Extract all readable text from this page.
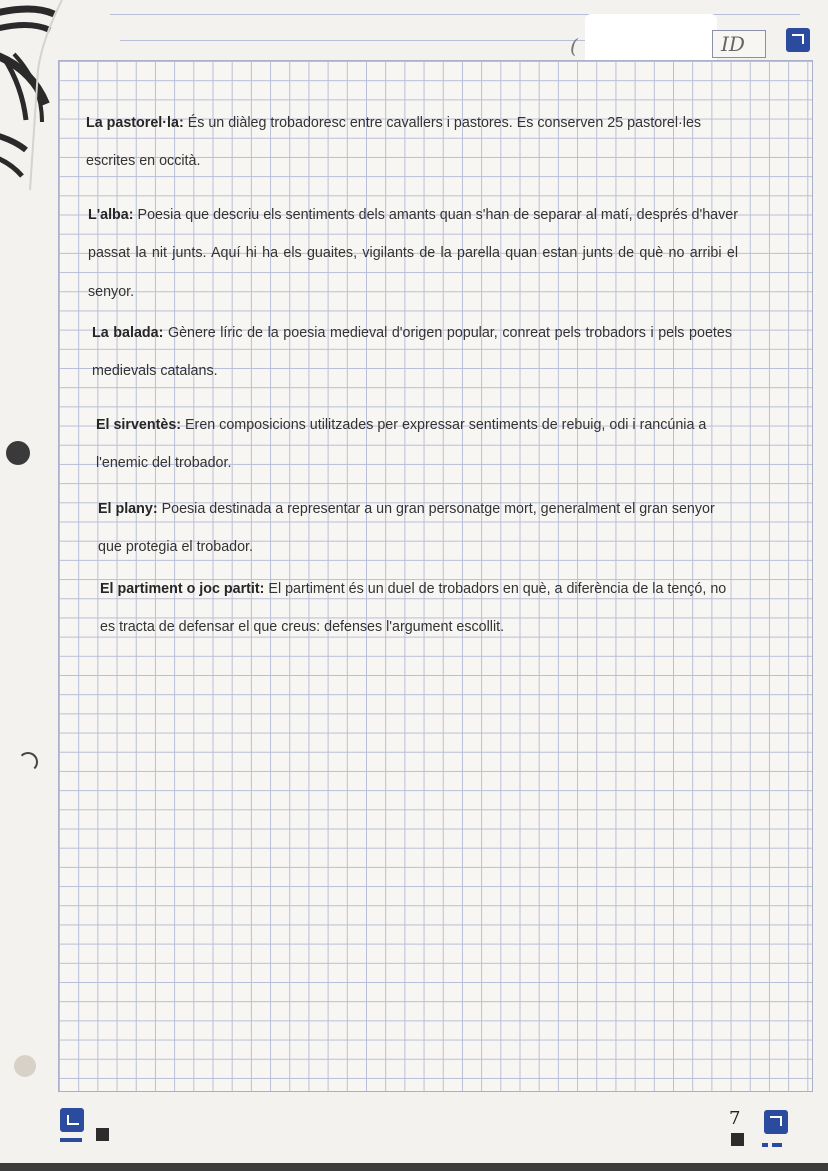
(	ID
7
La pastorel·la: És un diàleg trobadoresc entre cavallers i pastores. Es conserven 25 pastorel·les escrites en occità.
L'alba: Poesia que descriu els sentiments dels amants quan s'han de separar al matí, després d'haver passat la nit junts. Aquí hi ha els guaites, vigilants de la parella quan estan junts de què no arribi el senyor.
La balada: Gènere líric de la poesia medieval d'origen popular, conreat pels trobadors i pels poetes medievals catalans.
El sirventès: Eren composicions utilitzades per expressar sentiments de rebuig, odi i rancúnia a l'enemic del trobador.
El plany: Poesia destinada a representar a un gran personatge mort, generalment el gran senyor que protegia el trobador.
El partiment o joc partit: El partiment és un duel de trobadors en què, a diferència de la tençó, no es tracta de defensar el que creus: defenses l'argument escollit.
